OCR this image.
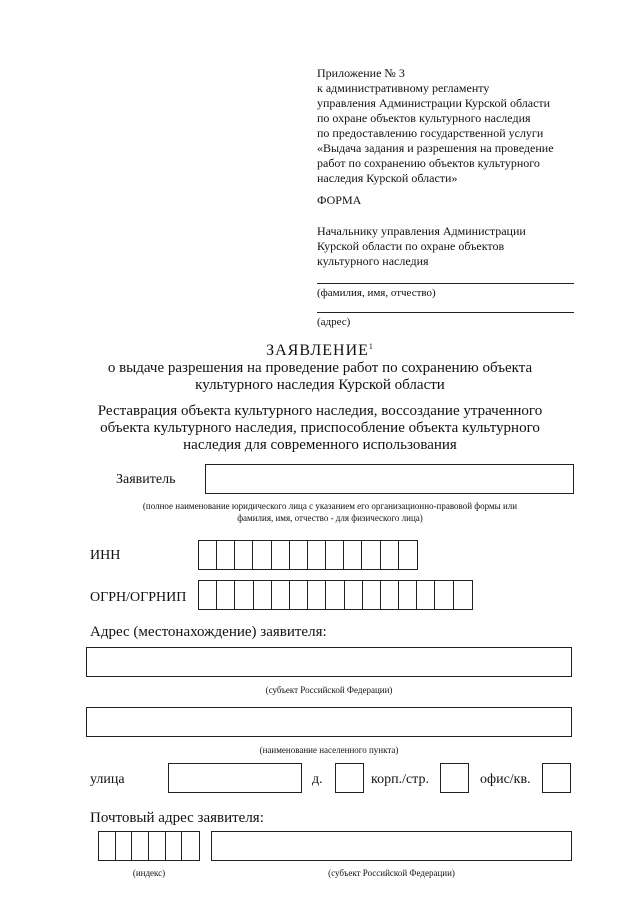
Приложение № 3
к административному регламенту
управления Администрации Курской области
по охране объектов культурного наследия
по предоставлению государственной услуги
«Выдача задания и разрешения на проведение
работ по сохранению объектов культурного
наследия Курской области»
ФОРМА
Начальнику управления Администрации
Курской области по охране объектов
культурного наследия
(фамилия, имя, отчество)
(адрес)
ЗАЯВЛЕНИЕ$^1$
о выдаче разрешения на проведение работ по сохранению объекта
культурного наследия Курской области
Реставрация объекта культурного наследия, воссоздание утраченного
объекта культурного наследия, приспособление объекта культурного
наследия для современного использования
Заявитель
(полное наименование юридического лица с указанием его организационно-правовой формы или
фамилия, имя, отчество - для физического лица)
ИНН
ОГРН/ОГРНИП
Адрес (местонахождение) заявителя:
(субъект Российской Федерации)
(наименование населенного пункта)
улица	д.	корп./стр.	офис/кв.
Почтовый адрес заявителя:
(индекс)	(субъект Российской Федерации)
